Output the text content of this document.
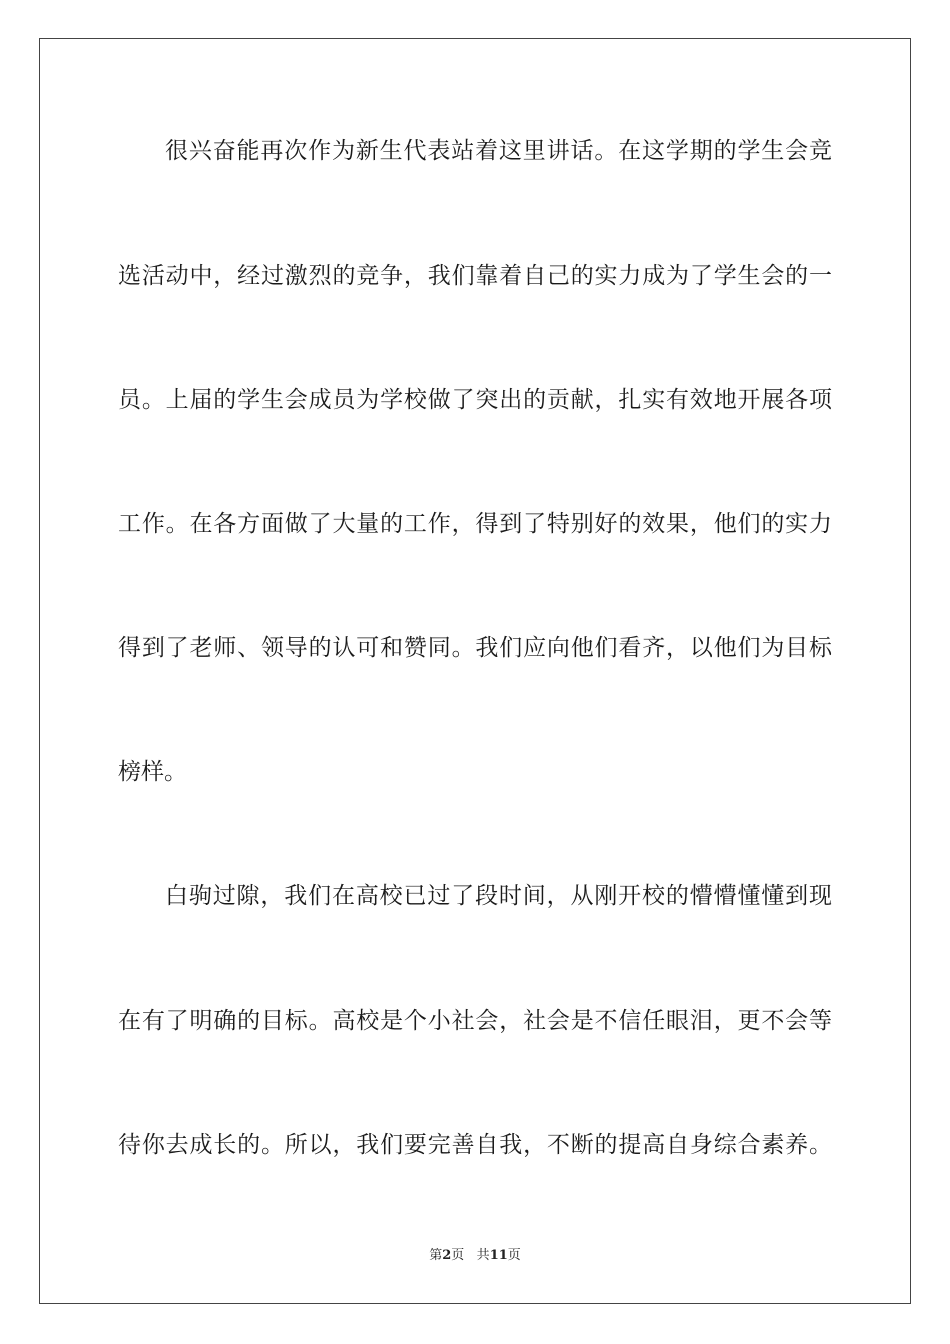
很兴奋能再次作为新生代表站着这里讲话。在这学期的学生会竞
选活动中，经过激烈的竞争，我们靠着自己的实力成为了学生会的一
员。上届的学生会成员为学校做了突出的贡献，扎实有效地开展各项
工作。在各方面做了大量的工作，得到了特别好的效果，他们的实力
得到了老师、领导的认可和赞同。我们应向他们看齐，以他们为目标
榜样。
白驹过隙，我们在高校已过了段时间，从刚开校的懵懵懂懂到现
在有了明确的目标。高校是个小社会，社会是不信任眼泪，更不会等
待你去成长的。所以，我们要完善自我，不断的提高自身综合素养。
第2页 共11页
